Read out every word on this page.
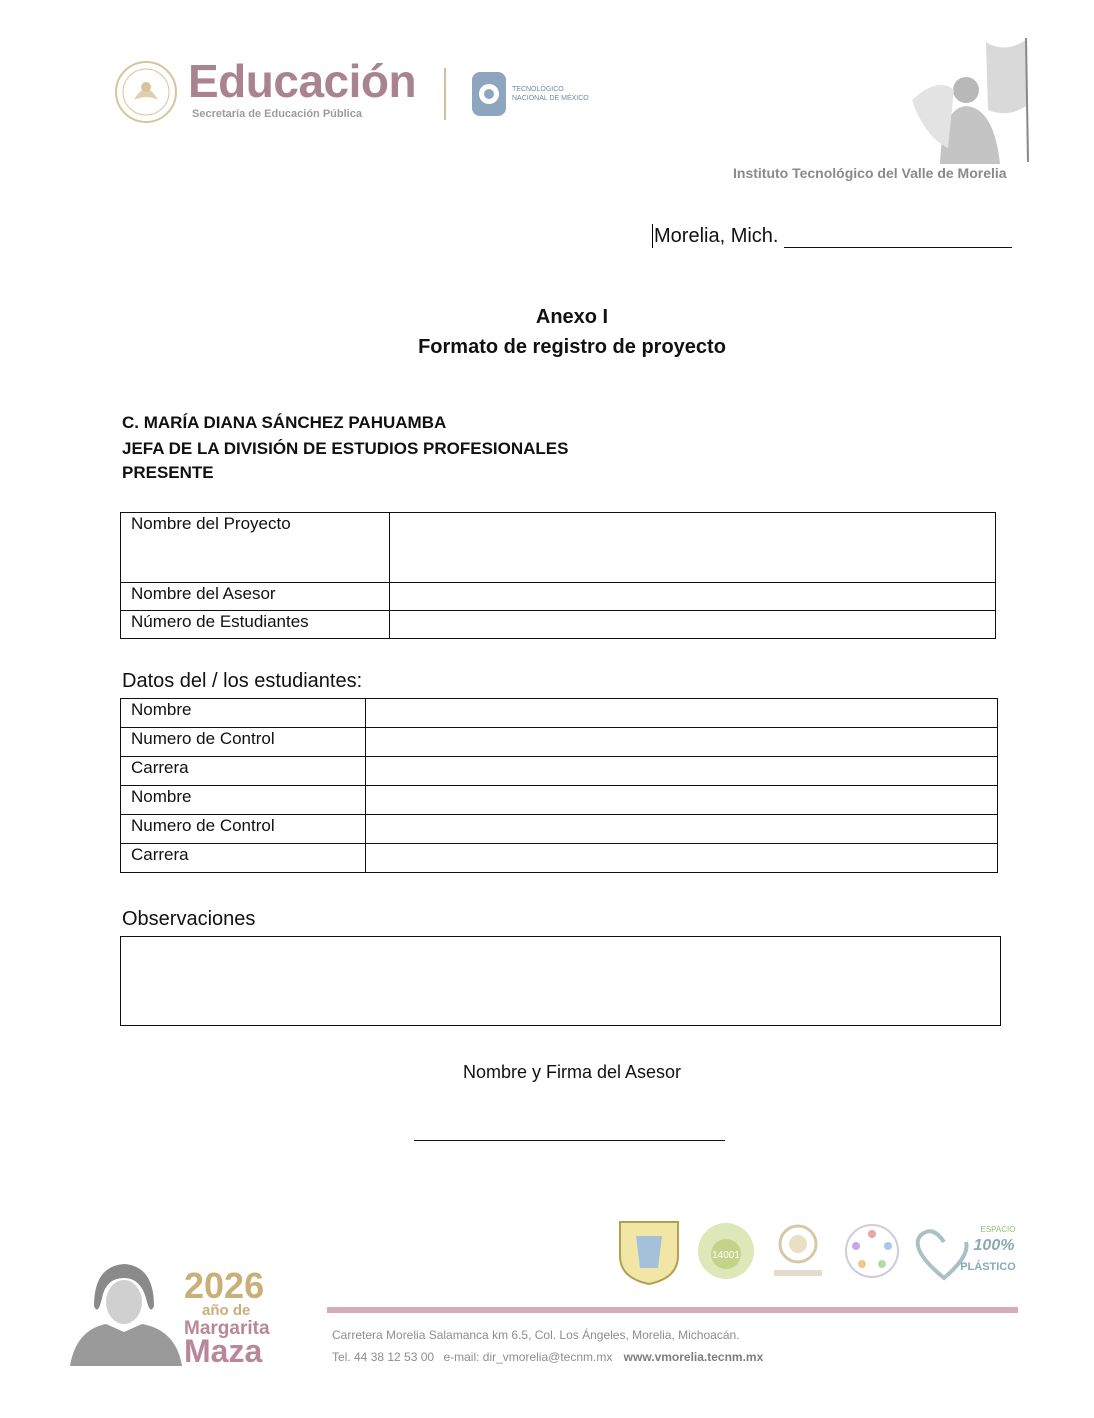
Educación
Secretaría de Educación Pública
TECNOLÓGICO
NACIONAL DE MÉXICO
Instituto Tecnológico del Valle de Morelia
Morelia, Mich.
Anexo I
Formato de registro de proyecto
C. MARÍA DIANA SÁNCHEZ PAHUAMBA
JEFA DE LA DIVISIÓN DE ESTUDIOS PROFESIONALES
PRESENTE
Nombre del Proyecto	
Nombre del Asesor	
Número de Estudiantes	
Datos del / los estudiantes:
Nombre	
Numero de Control	
Carrera	
Nombre	
Numero de Control	
Carrera	
Observaciones
Nombre y Firma del Asesor
14001
ESPACIO
100%
PLÁSTICO
2026
año de
Margarita
Maza	Carretera Morelia Salamanca km 6.5, Col. Los Ángeles, Morelia, Michoacán.
Tel. 44 38 12 53 00 e-mail: dir_vmorelia@tecnm.mx www.vmorelia.tecnm.mx
